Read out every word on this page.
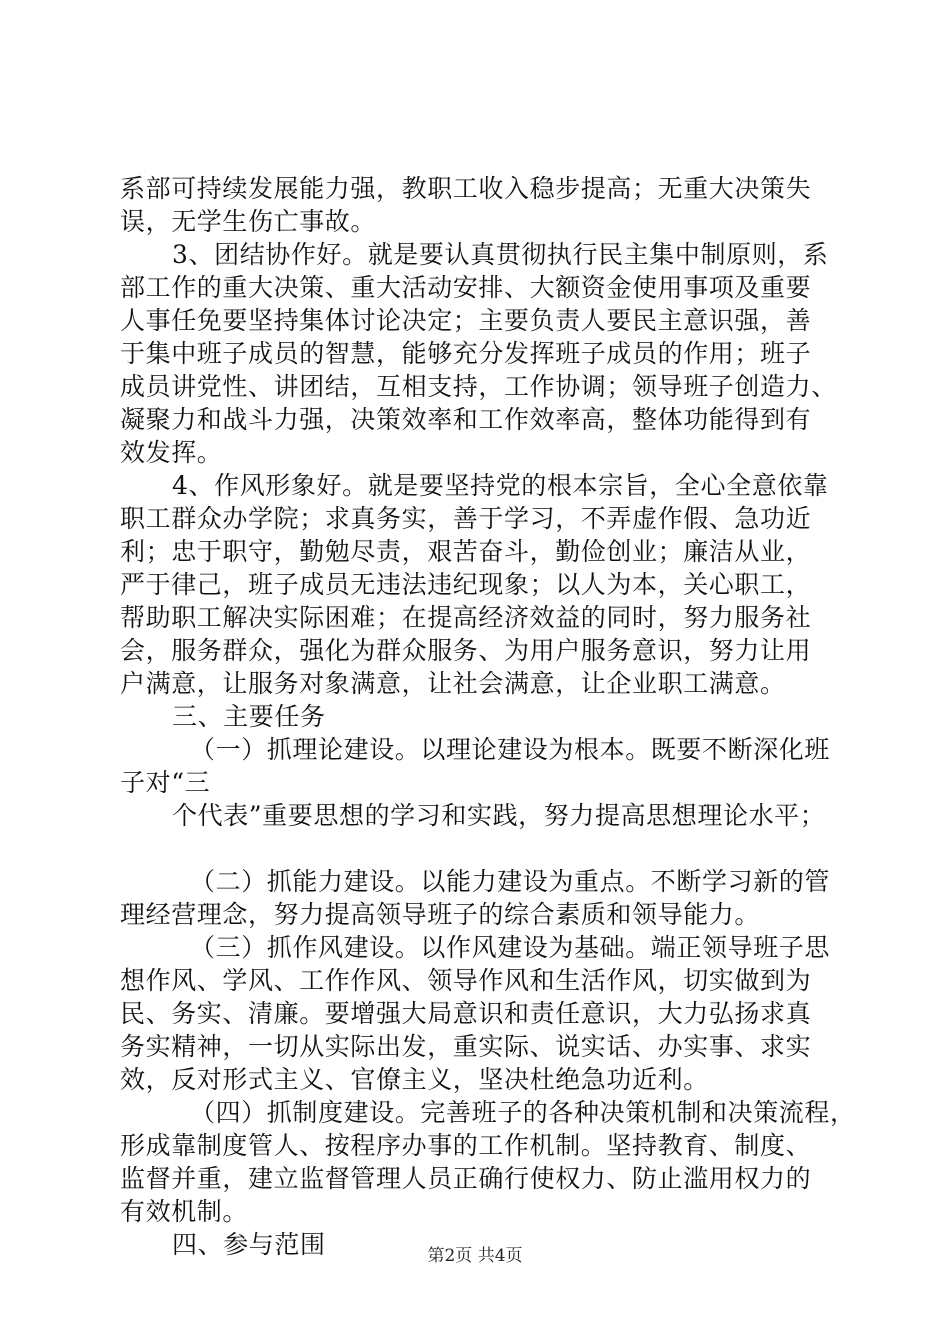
系部可持续发展能力强，教职工收入稳步提高；无重大决策失
误，无学生伤亡事故。
3、团结协作好。就是要认真贯彻执行民主集中制原则，系
部工作的重大决策、重大活动安排、大额资金使用事项及重要
人事任免要坚持集体讨论决定；主要负责人要民主意识强，善
于集中班子成员的智慧，能够充分发挥班子成员的作用；班子
成员讲党性、讲团结，互相支持，工作协调；领导班子创造力、
凝聚力和战斗力强，决策效率和工作效率高，整体功能得到有
效发挥。
4、作风形象好。就是要坚持党的根本宗旨，全心全意依靠
职工群众办学院；求真务实，善于学习，不弄虚作假、急功近
利；忠于职守，勤勉尽责，艰苦奋斗，勤俭创业；廉洁从业，
严于律己，班子成员无违法违纪现象；以人为本，关心职工，
帮助职工解决实际困难；在提高经济效益的同时，努力服务社
会，服务群众，强化为群众服务、为用户服务意识，努力让用
户满意，让服务对象满意，让社会满意，让企业职工满意。
三、主要任务
（一）抓理论建设。以理论建设为根本。既要不断深化班
子对“三
个代表”重要思想的学习和实践，努力提高思想理论水平；
（二）抓能力建设。以能力建设为重点。不断学习新的管
理经营理念，努力提高领导班子的综合素质和领导能力。
（三）抓作风建设。以作风建设为基础。端正领导班子思
想作风、学风、工作作风、领导作风和生活作风，切实做到为
民、务实、清廉。要增强大局意识和责任意识，大力弘扬求真
务实精神，一切从实际出发，重实际、说实话、办实事、求实
效，反对形式主义、官僚主义，坚决杜绝急功近利。
（四）抓制度建设。完善班子的各种决策机制和决策流程，
形成靠制度管人、按程序办事的工作机制。坚持教育、制度、
监督并重，建立监督管理人员正确行使权力、防止滥用权力的
有效机制。
四、参与范围	第2页 共4页
